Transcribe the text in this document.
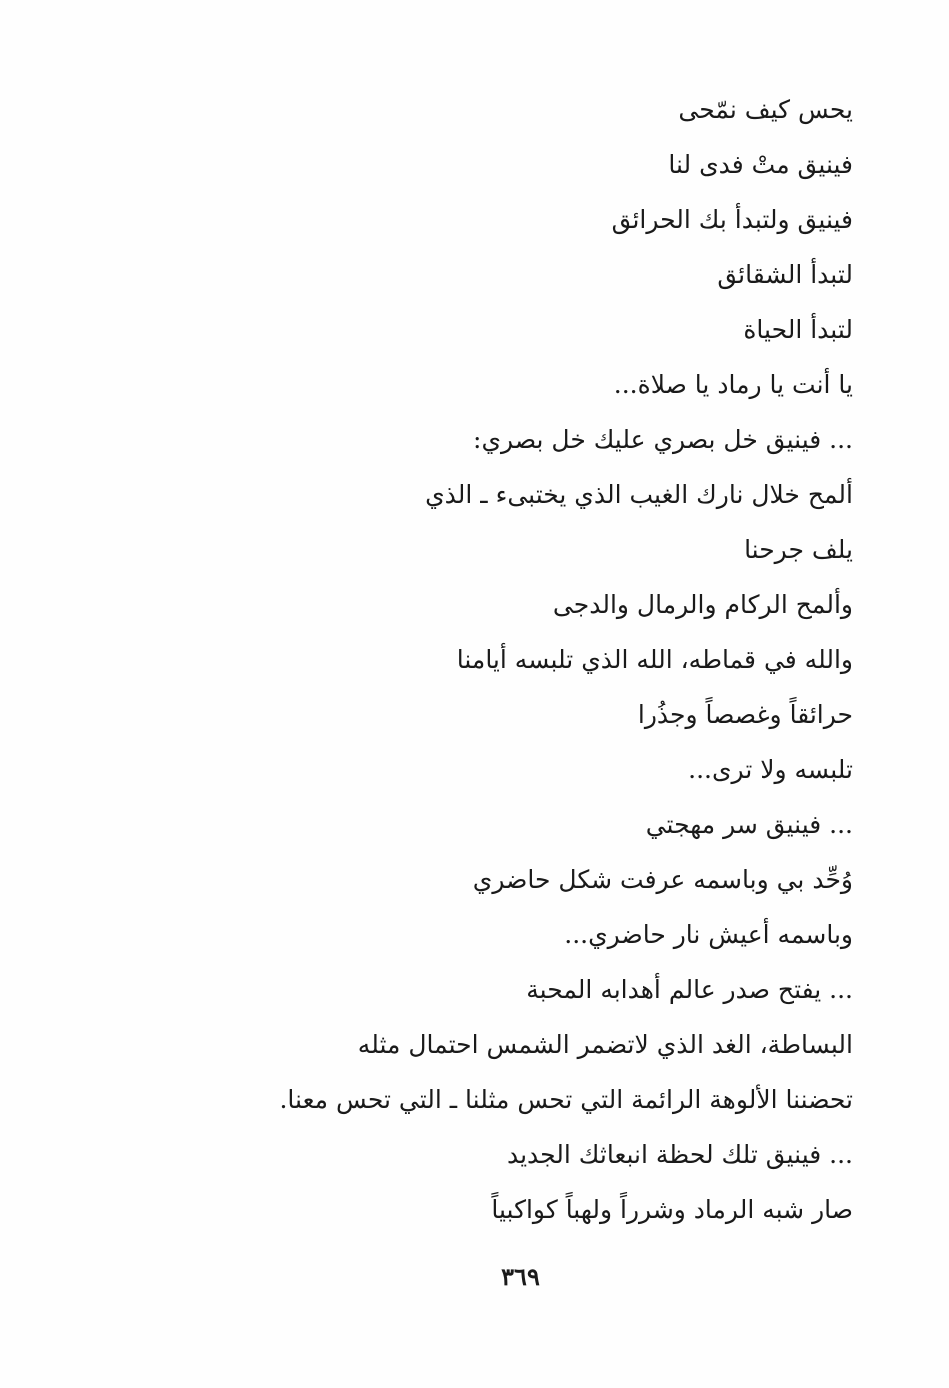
يحس كيف نمّحى
فينيق متْ فدى لنا
فينيق ولتبدأ بك الحرائق
لتبدأ الشقائق
لتبدأ الحياة
يا أنت يا رماد يا صلاة...
... فينيق خل بصري عليك خل بصري:
ألمح خلال نارك الغيب الذي يختبىء ـ الذي
يلف جرحنا
وألمح الركام والرمال والدجى
والله في قماطه، الله الذي تلبسه أيامنا
حرائقاً وغصصاً وجذُرا
تلبسه ولا ترى...
... فينيق سر مهجتي
وُحِّد بي وباسمه عرفت شكل حاضري
وباسمه أعيش نار حاضري...
... يفتح صدر عالم أهدابه المحبة
البساطة، الغد الذي لاتضمر الشمس احتمال مثله
تحضننا الألوهة الرائمة التي تحس مثلنا ـ التي تحس معنا.
... فينيق تلك لحظة انبعاثك الجديد
صار شبه الرماد وشرراً ولهباً كواكبياً
٣٦٩
